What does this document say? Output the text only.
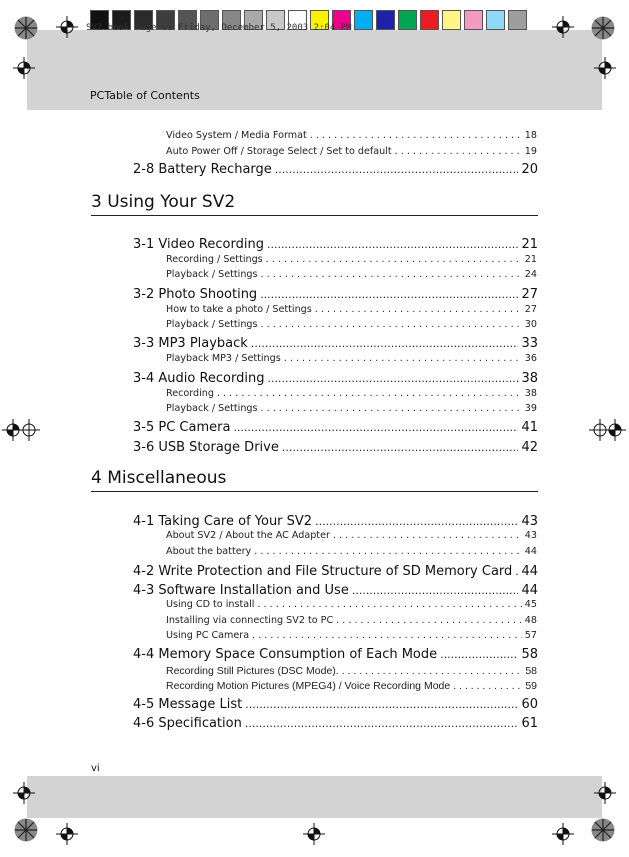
SV2.book Page vi Friday, December 5, 2003 2:04 PM
PCTable of Contents
Video System / Media Format . . .	18
Auto Power Off / Storage Select / Set to default . . .	19
2-8 Battery Recharge .....	20
3 Using Your SV2
3-1 Video Recording .....	21
Recording / Settings . . .	21
Playback / Settings . . .	24
3-2 Photo Shooting .....	27
How to take a photo / Settings . . .	27
Playback / Settings . . .	30
3-3 MP3 Playback .....	33
Playback MP3 / Settings . . .	36
3-4 Audio Recording .....	38
Recording . . .	38
Playback / Settings . . .	39
3-5 PC Camera .....	41
3-6 USB Storage Drive .....	42
4 Miscellaneous
4-1 Taking Care of Your SV2 .....	43
About SV2 / About the AC Adapter . . .	43
About the battery . . .	44
4-2 Write Protection and File Structure of SD Memory Card ..... 44
4-3 Software Installation and Use .....	44
Using CD to install . . .	45
Installing via connecting SV2 to PC . . .	48
Using PC Camera . . .	57
4-4 Memory Space Consumption of Each Mode .....	58
Recording Still Pictures (DSC Mode). . . .	58
Recording Motion Pictures (MPEG4) / Voice Recording Mode . . .	59
4-5 Message List .....	60
4-6 Specification .....	61
vi
